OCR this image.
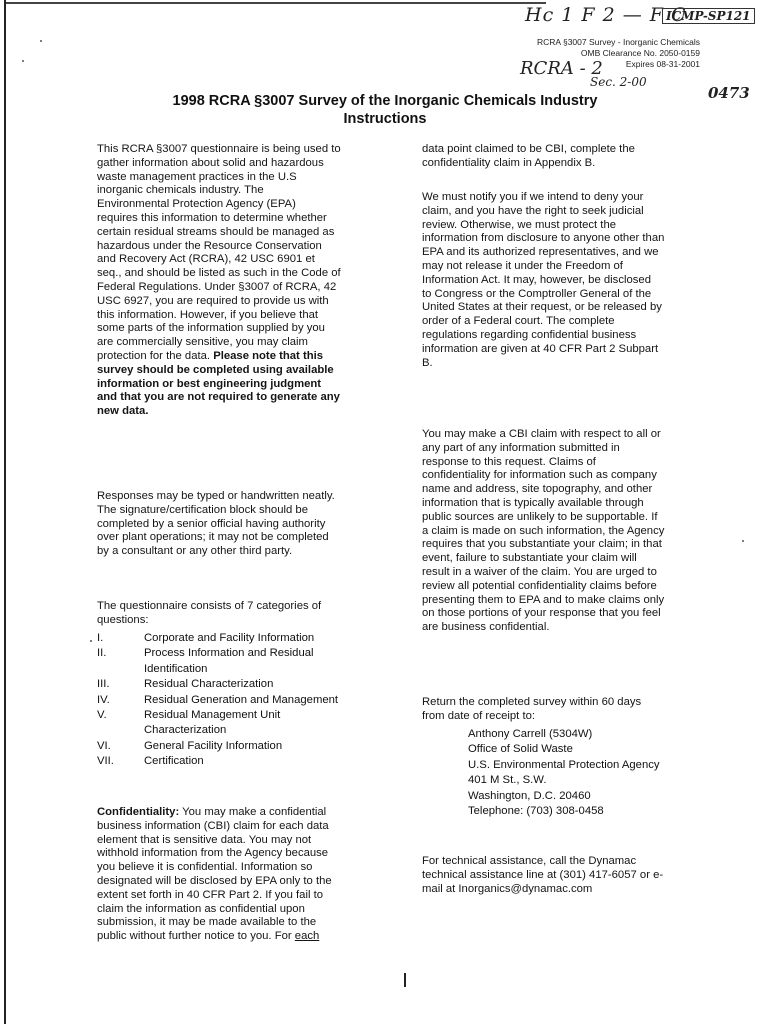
Hc 1 F 2 — F C
ICMP-SP121
RCRA - 2
Sec. 2-00
0473
RCRA §3007 Survey - Inorganic Chemicals
OMB Clearance No. 2050-0159
Expires 08-31-2001
1998 RCRA §3007 Survey of the Inorganic Chemicals Industry
Instructions
This RCRA §3007 questionnaire is being used to
gather information about solid and hazardous
waste management practices in the U.S
inorganic chemicals industry. The
Environmental Protection Agency (EPA)
requires this information to determine whether
certain residual streams should be managed as
hazardous under the Resource Conservation
and Recovery Act (RCRA), 42 USC 6901 et
seq., and should be listed as such in the Code of
Federal Regulations. Under §3007 of RCRA, 42
USC 6927, you are required to provide us with
this information. However, if you believe that
some parts of the information supplied by you
are commercially sensitive, you may claim
protection for the data. Please note that this
survey should be completed using available
information or best engineering judgment
and that you are not required to generate any
new data.
Responses may be typed or handwritten neatly.
The signature/certification block should be
completed by a senior official having authority
over plant operations; it may not be completed
by a consultant or any other third party.
The questionnaire consists of 7 categories of
questions:
I.	Corporate and Facility Information
II.	Process Information and Residual
Identification
III.	Residual Characterization
IV.	Residual Generation and Management
V.	Residual Management Unit
Characterization
VI.	General Facility Information
VII.	Certification
Confidentiality: You may make a confidential
business information (CBI) claim for each data
element that is sensitive data. You may not
withhold information from the Agency because
you believe it is confidential. Information so
designated will be disclosed by EPA only to the
extent set forth in 40 CFR Part 2. If you fail to
claim the information as confidential upon
submission, it may be made available to the
public without further notice to you. For each
data point claimed to be CBI, complete the
confidentiality claim in Appendix B.
We must notify you if we intend to deny your
claim, and you have the right to seek judicial
review. Otherwise, we must protect the
information from disclosure to anyone other than
EPA and its authorized representatives, and we
may not release it under the Freedom of
Information Act. It may, however, be disclosed
to Congress or the Comptroller General of the
United States at their request, or be released by
order of a Federal court. The complete
regulations regarding confidential business
information are given at 40 CFR Part 2 Subpart
B.
You may make a CBI claim with respect to all or
any part of any information submitted in
response to this request. Claims of
confidentiality for information such as company
name and address, site topography, and other
information that is typically available through
public sources are unlikely to be supportable. If
a claim is made on such information, the Agency
requires that you substantiate your claim; in that
event, failure to substantiate your claim will
result in a waiver of the claim. You are urged to
review all potential confidentiality claims before
presenting them to EPA and to make claims only
on those portions of your response that you feel
are business confidential.
Return the completed survey within 60 days
from date of receipt to:
Anthony Carrell (5304W)
Office of Solid Waste
U.S. Environmental Protection Agency
401 M St., S.W.
Washington, D.C. 20460
Telephone: (703) 308-0458
For technical assistance, call the Dynamac
technical assistance line at (301) 417-6057 or e-
mail at Inorganics@dynamac.com
